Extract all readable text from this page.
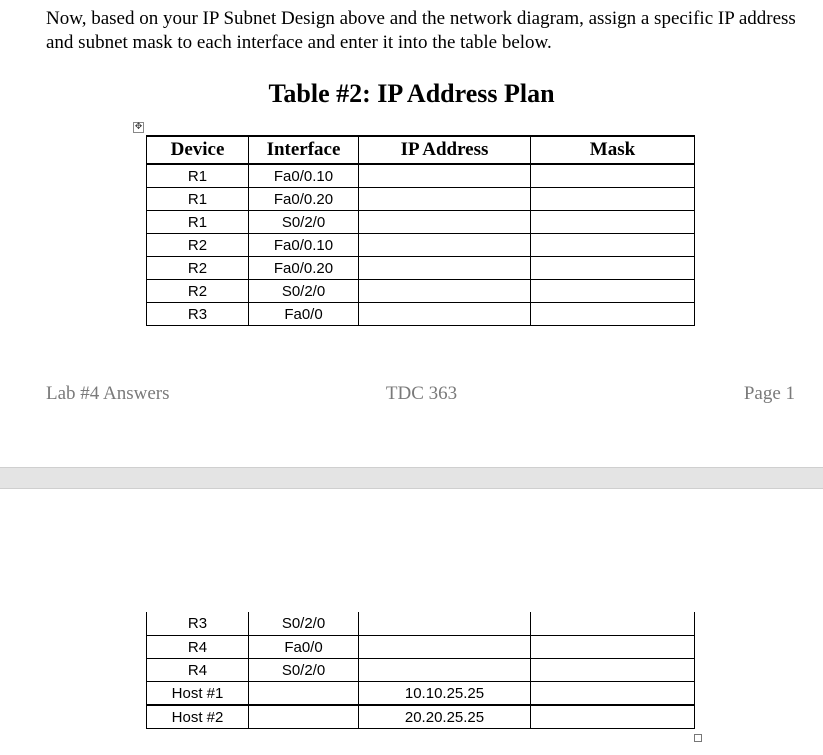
Now, based on your IP Subnet Design above and the network diagram, assign a specific IP address and subnet mask to each interface and enter it into the table below.

Table #2: IP Address Plan
✥
Device	Interface	IP Address	Mask
R1	Fa0/0.10		
R1	Fa0/0.20		
R1	S0/2/0		
R2	Fa0/0.10		
R2	Fa0/0.20		
R2	S0/2/0		
R3	Fa0/0		
Lab #4 Answers	TDC 363	Page 1
R3	S0/2/0		
R4	Fa0/0		
R4	S0/2/0		
Host #1		10.10.25.25	
Host #2		20.20.25.25	
